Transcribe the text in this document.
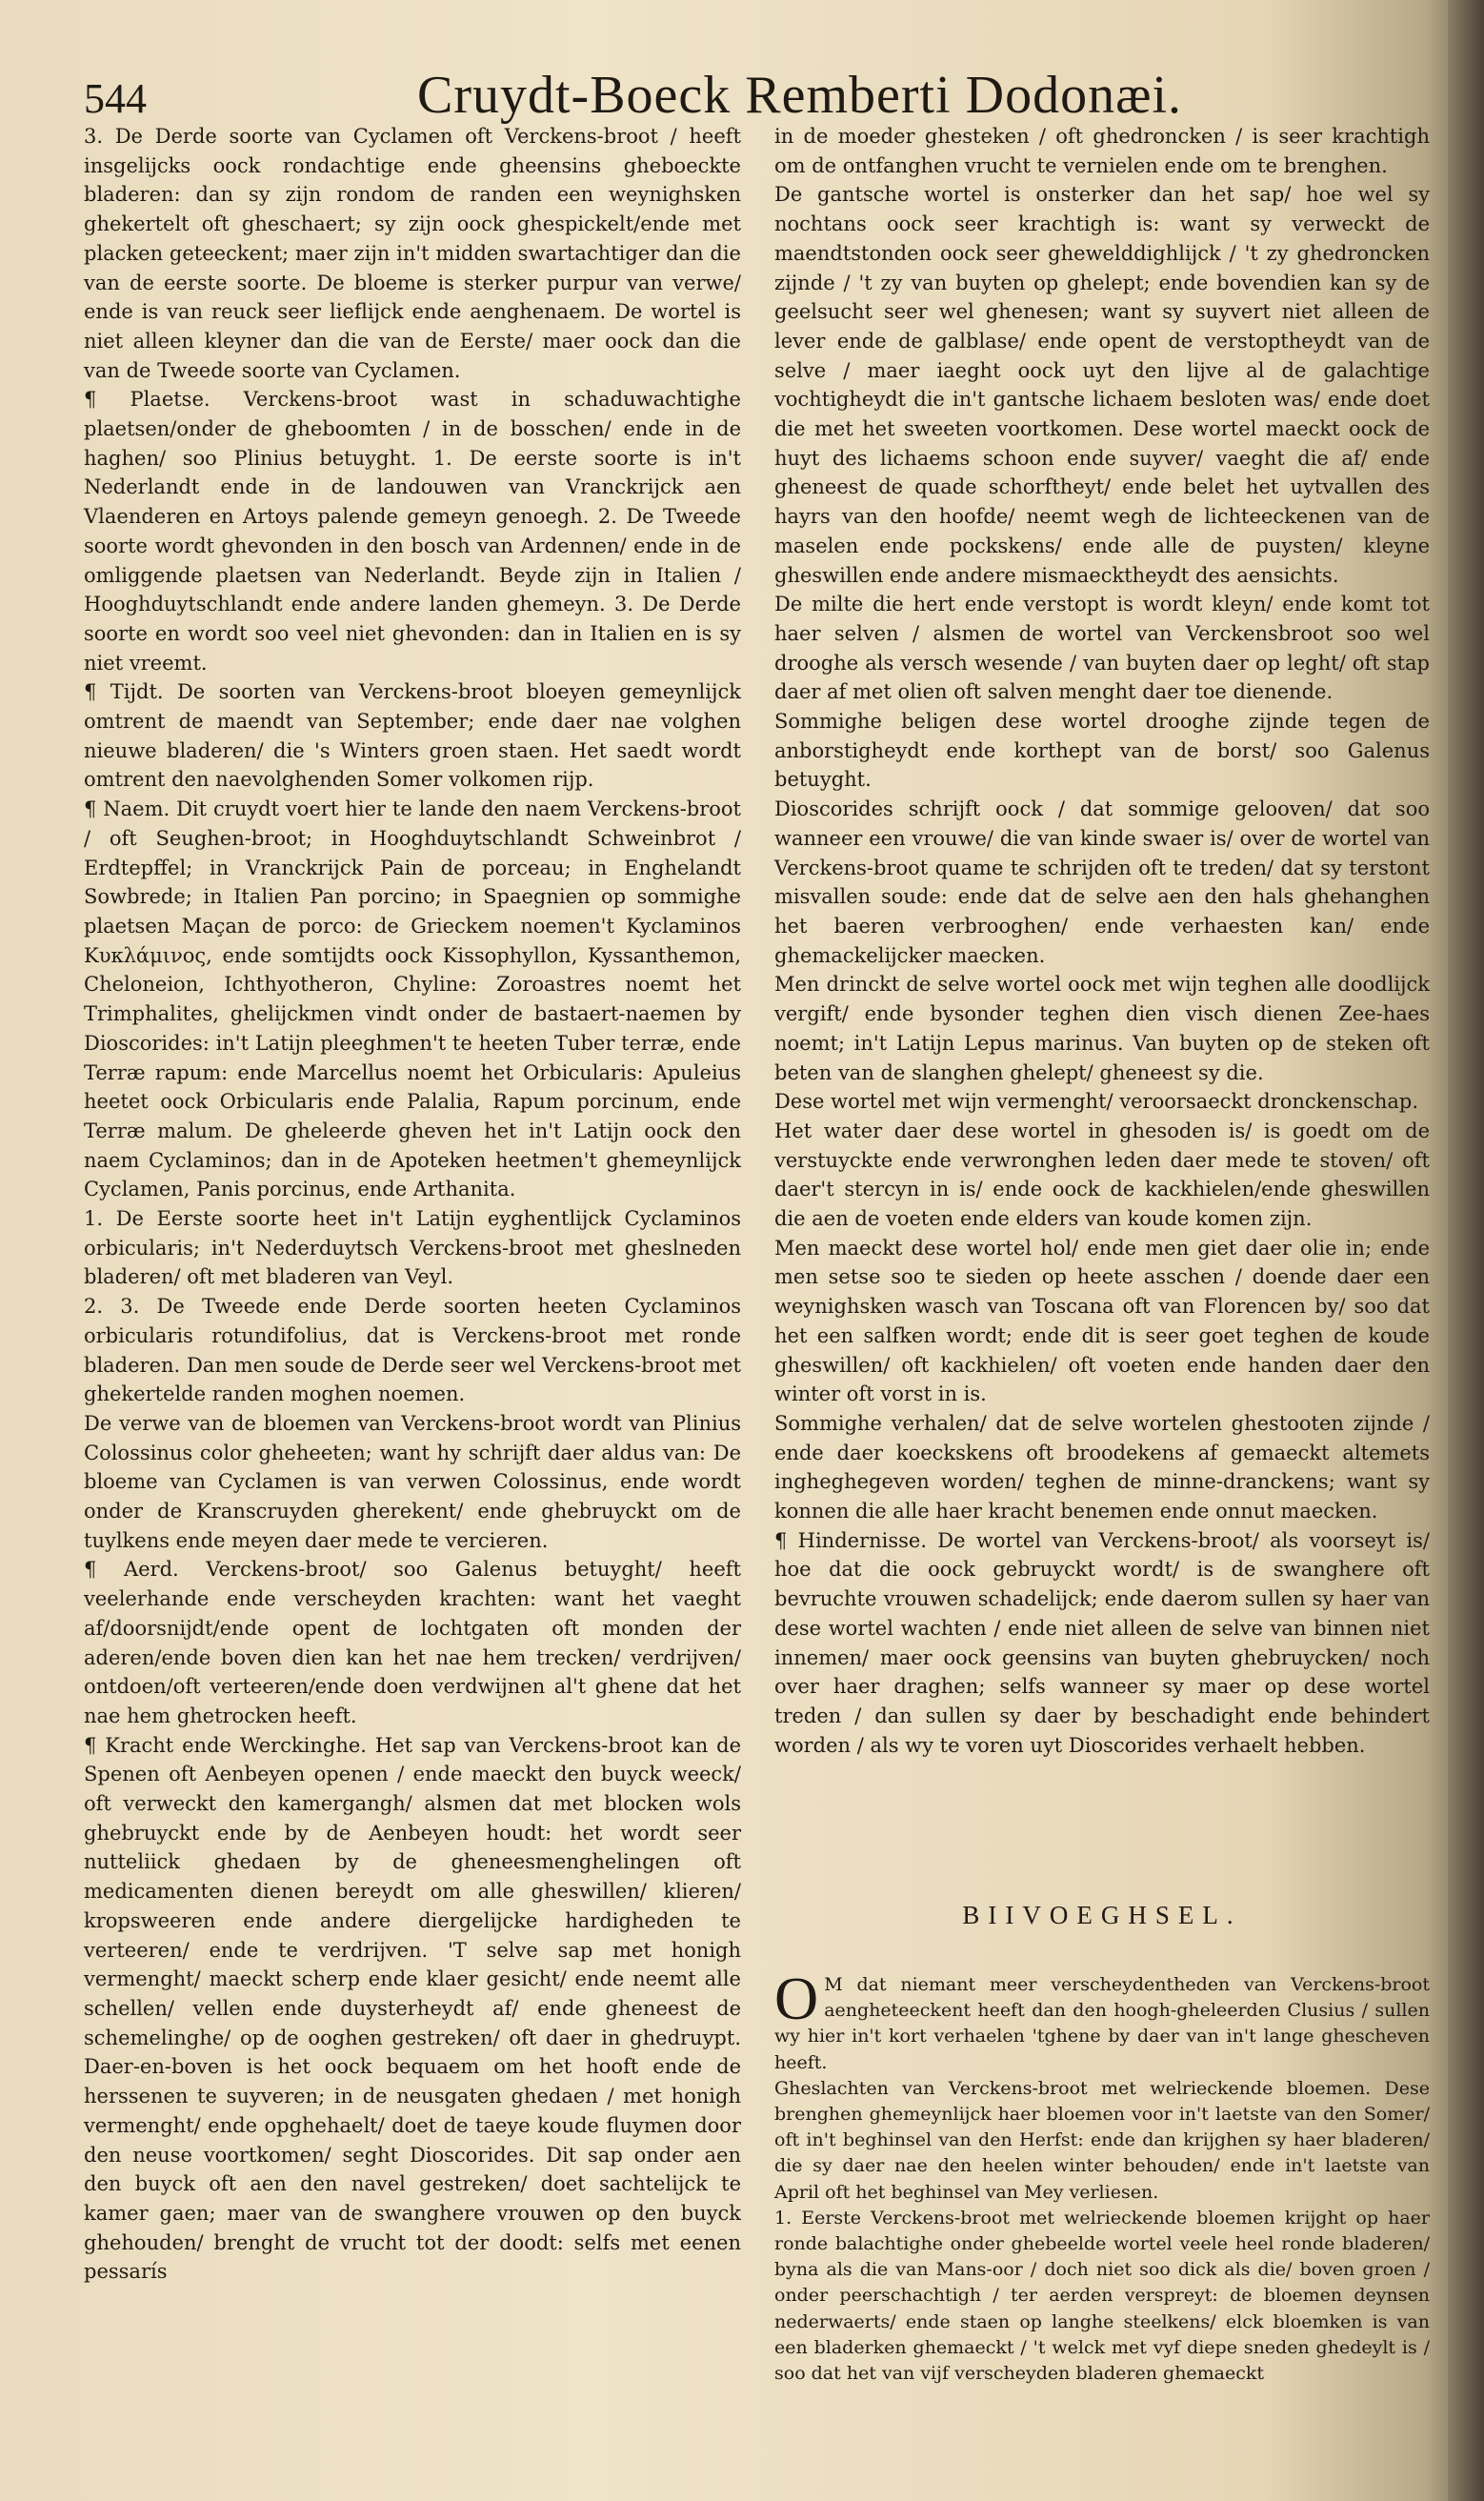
544	Cruydt-Boeck Remberti Dodonæi.

3. De Derde soorte van Cyclamen oft Verckens-broot / heeft insgelijcks oock rondachtige ende gheensins gheboeckte bladeren: dan sy zijn rondom de randen een weynighsken ghekertelt oft gheschaert; sy zijn oock ghespickelt/ende met placken geteeckent; maer zijn in't midden swartachtiger dan die van de eerste soorte. De bloeme is sterker purpur van verwe/ ende is van reuck seer lieflijck ende aenghenaem. De wortel is niet alleen kleyner dan die van de Eerste/ maer oock dan die van de Tweede soorte van Cyclamen.

¶ Plaetse. Verckens-broot wast in schaduwachtighe plaetsen/onder de gheboomten / in de bosschen/ ende in de haghen/ soo Plinius betuyght. 1. De eerste soorte is in't Nederlandt ende in de landouwen van Vranckrijck aen Vlaenderen en Artoys palende gemeyn genoegh. 2. De Tweede soorte wordt ghevonden in den bosch van Ardennen/ ende in de omliggende plaetsen van Nederlandt. Beyde zijn in Italien / Hooghduytschlandt ende andere landen ghemeyn. 3. De Derde soorte en wordt soo veel niet ghevonden: dan in Italien en is sy niet vreemt.

¶ Tijdt. De soorten van Verckens-broot bloeyen gemeynlijck omtrent de maendt van September; ende daer nae volghen nieuwe bladeren/ die 's Winters groen staen. Het saedt wordt omtrent den naevolghenden Somer volkomen rijp.

¶ Naem. Dit cruydt voert hier te lande den naem Verckens-broot / oft Seughen-broot; in Hooghduytschlandt Schweinbrot / Erdtepffel; in Vranckrijck Pain de porceau; in Enghelandt Sowbrede; in Italien Pan porcino; in Spaegnien op sommighe plaetsen Maçan de porco: de Grieckem noemen't Kyclaminos Κυκλάμινος, ende somtijdts oock Kissophyllon, Kyssanthemon, Cheloneion, Ichthyotheron, Chyline: Zoroastres noemt het Trimphalites, ghelijckmen vindt onder de bastaert-naemen by Dioscorides: in't Latijn pleeghmen't te heeten Tuber terræ, ende Terræ rapum: ende Marcellus noemt het Orbicularis: Apuleius heetet oock Orbicularis ende Palalia, Rapum porcinum, ende Terræ malum. De gheleerde gheven het in't Latijn oock den naem Cyclaminos; dan in de Apoteken heetmen't ghemeynlijck Cyclamen, Panis porcinus, ende Arthanita.

1. De Eerste soorte heet in't Latijn eyghentlijck Cyclaminos orbicularis; in't Nederduytsch Verckens-broot met gheslneden bladeren/ oft met bladeren van Veyl.

2. 3. De Tweede ende Derde soorten heeten Cyclaminos orbicularis rotundifolius, dat is Verckens-broot met ronde bladeren. Dan men soude de Derde seer wel Verckens-broot met ghekertelde randen moghen noemen.

De verwe van de bloemen van Verckens-broot wordt van Plinius Colossinus color gheheeten; want hy schrijft daer aldus van: De bloeme van Cyclamen is van verwen Colossinus, ende wordt onder de Kranscruyden gherekent/ ende ghebruyckt om de tuylkens ende meyen daer mede te vercieren.

¶ Aerd. Verckens-broot/ soo Galenus betuyght/ heeft veelerhande ende verscheyden krachten: want het vaeght af/doorsnijdt/ende opent de lochtgaten oft monden der aderen/ende boven dien kan het nae hem trecken/ verdrijven/ ontdoen/oft verteeren/ende doen verdwijnen al't ghene dat het nae hem ghetrocken heeft.

¶ Kracht ende Werckinghe. Het sap van Verckens-broot kan de Spenen oft Aenbeyen openen / ende maeckt den buyck weeck/ oft verweckt den kamergangh/ alsmen dat met blocken wols ghebruyckt ende by de Aenbeyen houdt: het wordt seer nutteliick ghedaen by de gheneesmenghelingen oft medicamenten dienen bereydt om alle gheswillen/ klieren/ kropsweeren ende andere diergelijcke hardigheden te verteeren/ ende te verdrijven. 'T selve sap met honigh vermenght/ maeckt scherp ende klaer gesicht/ ende neemt alle schellen/ vellen ende duysterheydt af/ ende gheneest de schemelinghe/ op de ooghen gestreken/ oft daer in ghedruypt. Daer-en-boven is het oock bequaem om het hooft ende de herssenen te suyveren; in de neusgaten ghedaen / met honigh vermenght/ ende opghehaelt/ doet de taeye koude fluymen door den neuse voortkomen/ seght Dioscorides. Dit sap onder aen den buyck oft aen den navel gestreken/ doet sachtelijck te kamer gaen; maer van de swanghere vrouwen op den buyck ghehouden/ brenght de vrucht tot der doodt: selfs met eenen pessarís

in de moeder ghesteken / oft ghedroncken / is seer krachtigh om de ontfanghen vrucht te vernielen ende om te brenghen.

De gantsche wortel is onsterker dan het sap/ hoe wel sy nochtans oock seer krachtigh is: want sy verweckt de maendtstonden oock seer ghewelddighlijck / 't zy ghedroncken zijnde / 't zy van buyten op ghelept; ende bovendien kan sy de geelsucht seer wel ghenesen; want sy suyvert niet alleen de lever ende de galblase/ ende opent de verstoptheydt van de selve / maer iaeght oock uyt den lijve al de galachtige vochtigheydt die in't gantsche lichaem besloten was/ ende doet die met het sweeten voortkomen. Dese wortel maeckt oock de huyt des lichaems schoon ende suyver/ vaeght die af/ ende gheneest de quade schorftheyt/ ende belet het uytvallen des hayrs van den hoofde/ neemt wegh de lichteeckenen van de maselen ende pockskens/ ende alle de puysten/ kleyne gheswillen ende andere mismaecktheydt des aensichts.

De milte die hert ende verstopt is wordt kleyn/ ende komt tot haer selven / alsmen de wortel van Verckensbroot soo wel drooghe als versch wesende / van buyten daer op leght/ oft stap daer af met olien oft salven menght daer toe dienende.

Sommighe beligen dese wortel drooghe zijnde tegen de anborstigheydt ende korthept van de borst/ soo Galenus betuyght.

Dioscorides schrijft oock / dat sommige gelooven/ dat soo wanneer een vrouwe/ die van kinde swaer is/ over de wortel van Verckens-broot quame te schrijden oft te treden/ dat sy terstont misvallen soude: ende dat de selve aen den hals ghehanghen het baeren verbrooghen/ ende verhaesten kan/ ende ghemackelijcker maecken.

Men drinckt de selve wortel oock met wijn teghen alle doodlijck vergift/ ende bysonder teghen dien visch dienen Zee-haes noemt; in't Latijn Lepus marinus. Van buyten op de steken oft beten van de slanghen ghelept/ gheneest sy die.

Dese wortel met wijn vermenght/ veroorsaeckt dronckenschap.

Het water daer dese wortel in ghesoden is/ is goedt om de verstuyckte ende verwronghen leden daer mede te stoven/ oft daer't stercyn in is/ ende oock de kackhielen/ende gheswillen die aen de voeten ende elders van koude komen zijn.

Men maeckt dese wortel hol/ ende men giet daer olie in; ende men setse soo te sieden op heete asschen / doende daer een weynighsken wasch van Toscana oft van Florencen by/ soo dat het een salfken wordt; ende dit is seer goet teghen de koude gheswillen/ oft kackhielen/ oft voeten ende handen daer den winter oft vorst in is.

Sommighe verhalen/ dat de selve wortelen ghestooten zijnde / ende daer koeckskens oft broodekens af gemaeckt altemets ingheghegeven worden/ teghen de minne-dranckens; want sy konnen die alle haer kracht benemen ende onnut maecken.

¶ Hindernisse. De wortel van Verckens-broot/ als voorseyt is/ hoe dat die oock gebruyckt wordt/ is de swanghere oft bevruchte vrouwen schadelijck; ende daerom sullen sy haer van dese wortel wachten / ende niet alleen de selve van binnen niet innemen/ maer oock geensins van buyten ghebruycken/ noch over haer draghen; selfs wanneer sy maer op dese wortel treden / dan sullen sy daer by beschadight ende behindert worden / als wy te voren uyt Dioscorides verhaelt hebben.

BIIVOEGHSEL.

O M dat niemant meer verscheydentheden van Verckens-broot aengheteeckent heeft dan den hoogh-gheleerden Clusius / sullen wy hier in't kort verhaelen 'tghene by daer van in't lange ghescheven heeft.

Gheslachten van Verckens-broot met welrieckende bloemen. Dese brenghen ghemeynlijck haer bloemen voor in't laetste van den Somer/ oft in't beghinsel van den Herfst: ende dan krijghen sy haer bladeren/ die sy daer nae den heelen winter behouden/ ende in't laetste van April oft het beghinsel van Mey verliesen.

1. Eerste Verckens-broot met welrieckende bloemen krijght op haer ronde balachtighe onder ghebeelde wortel veele heel ronde bladeren/ byna als die van Mans-oor / doch niet soo dick als die/ boven groen / onder peerschachtigh / ter aerden verspreyt: de bloemen deynsen nederwaerts/ ende staen op langhe steelkens/ elck bloemken is van een bladerken ghemaeckt / 't welck met vyf diepe sneden ghedeylt is / soo dat het van vijf verscheyden bladeren ghemaeckt
